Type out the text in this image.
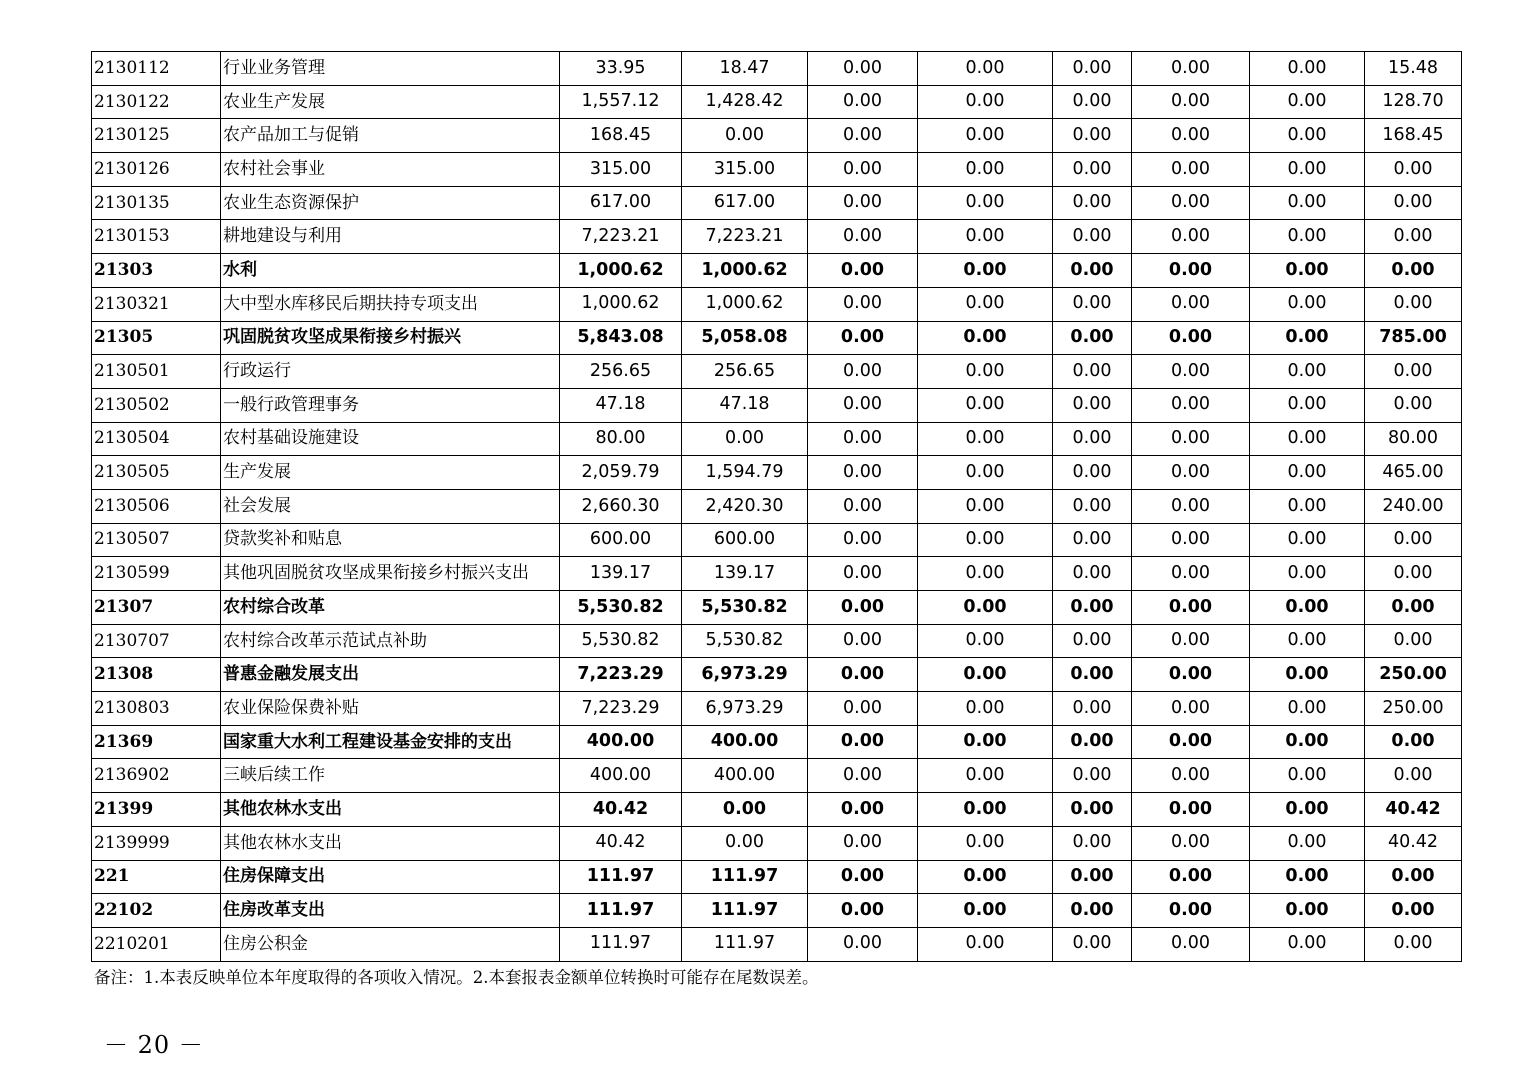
2130112	行业业务管理	33.95	18.47	0.00	0.00	0.00	0.00	0.00	15.48
2130122	农业生产发展	1,557.12	1,428.42	0.00	0.00	0.00	0.00	0.00	128.70
2130125	农产品加工与促销	168.45	0.00	0.00	0.00	0.00	0.00	0.00	168.45
2130126	农村社会事业	315.00	315.00	0.00	0.00	0.00	0.00	0.00	0.00
2130135	农业生态资源保护	617.00	617.00	0.00	0.00	0.00	0.00	0.00	0.00
2130153	耕地建设与利用	7,223.21	7,223.21	0.00	0.00	0.00	0.00	0.00	0.00
21303	水利	1,000.62	1,000.62	0.00	0.00	0.00	0.00	0.00	0.00
2130321	大中型水库移民后期扶持专项支出	1,000.62	1,000.62	0.00	0.00	0.00	0.00	0.00	0.00
21305	巩固脱贫攻坚成果衔接乡村振兴	5,843.08	5,058.08	0.00	0.00	0.00	0.00	0.00	785.00
2130501	行政运行	256.65	256.65	0.00	0.00	0.00	0.00	0.00	0.00
2130502	一般行政管理事务	47.18	47.18	0.00	0.00	0.00	0.00	0.00	0.00
2130504	农村基础设施建设	80.00	0.00	0.00	0.00	0.00	0.00	0.00	80.00
2130505	生产发展	2,059.79	1,594.79	0.00	0.00	0.00	0.00	0.00	465.00
2130506	社会发展	2,660.30	2,420.30	0.00	0.00	0.00	0.00	0.00	240.00
2130507	贷款奖补和贴息	600.00	600.00	0.00	0.00	0.00	0.00	0.00	0.00
2130599	其他巩固脱贫攻坚成果衔接乡村振兴支出	139.17	139.17	0.00	0.00	0.00	0.00	0.00	0.00
21307	农村综合改革	5,530.82	5,530.82	0.00	0.00	0.00	0.00	0.00	0.00
2130707	农村综合改革示范试点补助	5,530.82	5,530.82	0.00	0.00	0.00	0.00	0.00	0.00
21308	普惠金融发展支出	7,223.29	6,973.29	0.00	0.00	0.00	0.00	0.00	250.00
2130803	农业保险保费补贴	7,223.29	6,973.29	0.00	0.00	0.00	0.00	0.00	250.00
21369	国家重大水利工程建设基金安排的支出	400.00	400.00	0.00	0.00	0.00	0.00	0.00	0.00
2136902	三峡后续工作	400.00	400.00	0.00	0.00	0.00	0.00	0.00	0.00
21399	其他农林水支出	40.42	0.00	0.00	0.00	0.00	0.00	0.00	40.42
2139999	其他农林水支出	40.42	0.00	0.00	0.00	0.00	0.00	0.00	40.42
221	住房保障支出	111.97	111.97	0.00	0.00	0.00	0.00	0.00	0.00
22102	住房改革支出	111.97	111.97	0.00	0.00	0.00	0.00	0.00	0.00
2210201	住房公积金	111.97	111.97	0.00	0.00	0.00	0.00	0.00	0.00
备注：1.本表反映单位本年度取得的各项收入情况。2.本套报表金额单位转换时可能存在尾数误差。
－ 20 －
